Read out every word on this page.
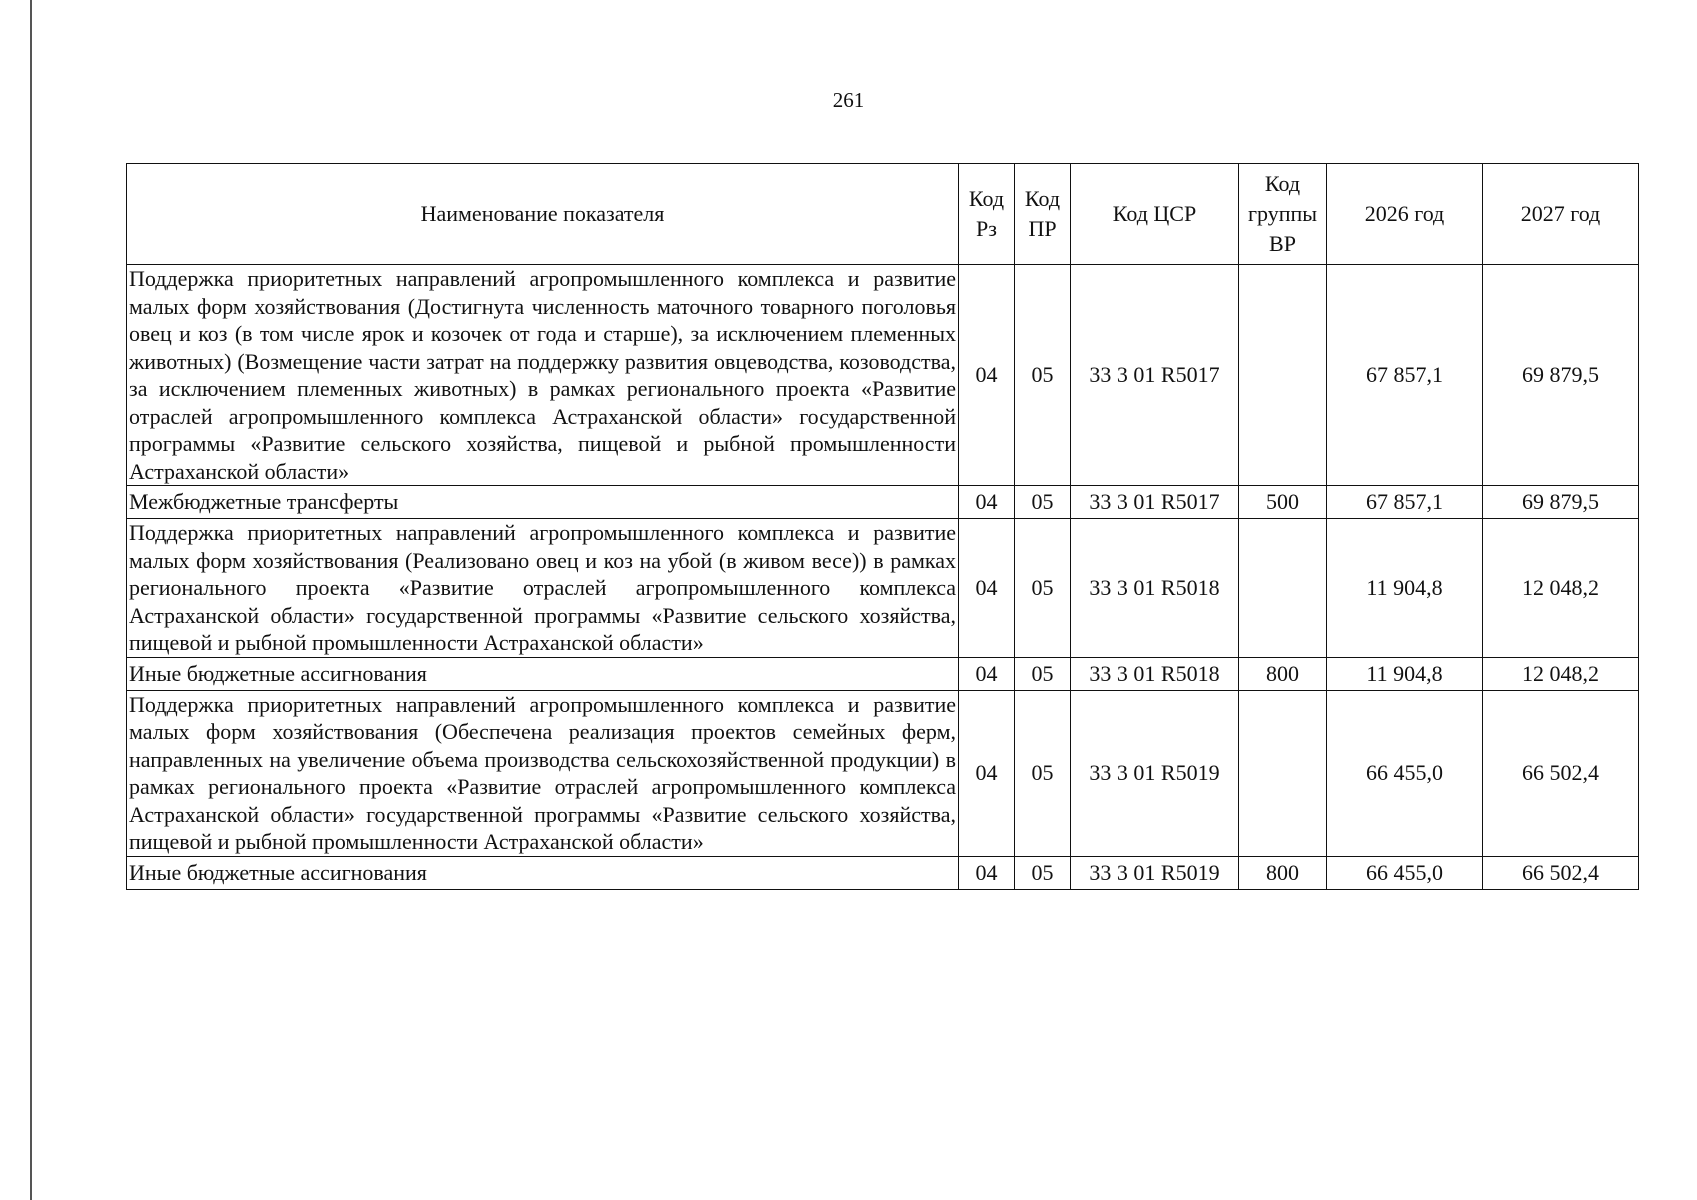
261
Наименование показателя	Код Рз	Код ПР	Код ЦСР	Код группы ВР	2026 год	2027 год
Поддержка приоритетных направлений агропромышленного комплекса и развитие малых форм хозяйствования (Достигнута численность маточного товарного поголовья овец и коз (в том числе ярок и козочек от года и старше), за исключением племенных животных) (Возмещение части затрат на поддержку развития овцеводства, козоводства, за исключением племенных животных) в рамках регионального проекта «Развитие отраслей агропромышленного комплекса Астраханской области» государственной программы «Развитие сельского хозяйства, пищевой и рыбной промышленности Астраханской области»	04	05	33 3 01 R5017		67 857,1	69 879,5
Межбюджетные трансферты	04	05	33 3 01 R5017	500	67 857,1	69 879,5
Поддержка приоритетных направлений агропромышленного комплекса и развитие малых форм хозяйствования (Реализовано овец и коз на убой (в живом весе)) в рамках регионального проекта «Развитие отраслей агропромышленного комплекса Астраханской области» государственной программы «Развитие сельского хозяйства, пищевой и рыбной промышленности Астраханской области»	04	05	33 3 01 R5018		11 904,8	12 048,2
Иные бюджетные ассигнования	04	05	33 3 01 R5018	800	11 904,8	12 048,2
Поддержка приоритетных направлений агропромышленного комплекса и развитие малых форм хозяйствования (Обеспечена реализация проектов семейных ферм, направленных на увеличение объема производства сельскохозяйственной продукции) в рамках регионального проекта «Развитие отраслей агропромышленного комплекса Астраханской области» государственной программы «Развитие сельского хозяйства, пищевой и рыбной промышленности Астраханской области»	04	05	33 3 01 R5019		66 455,0	66 502,4
Иные бюджетные ассигнования	04	05	33 3 01 R5019	800	66 455,0	66 502,4
